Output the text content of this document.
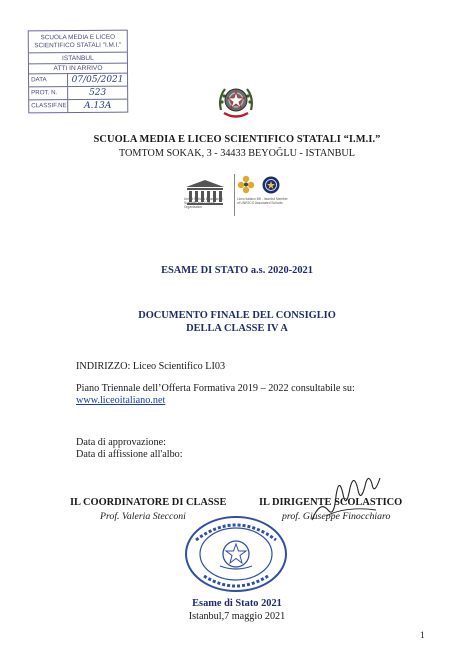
SCUOLA MEDIA E LICEO
SCIENTIFICO STATALI "I.M.I."
ISTANBUL
ATTI IN ARRIVO
DATA	07/05/2021
PROT. N.	523
CLASSIF.NE	A.13A
SCUOLA MEDIA E LICEO SCIENTIFICO STATALI “I.M.I.”
TOMTOM SOKAK, 3 - 34433 BEYOĞLU - ISTANBUL
United Nations Educational, Scientific and Cultural Organization
Liceo Italiano IMI - Istanbul Member of UNESCO Associated Schools
ESAME DI STATO a.s. 2020-2021
DOCUMENTO FINALE DEL CONSIGLIO
DELLA CLASSE IV A
INDIRIZZO: Liceo Scientifico LI03
Piano Triennale dell’Offerta Formativa 2019 – 2022 consultabile su:
www.liceoitaliano.net
Data di approvazione:
Data di affissione all'albo:
IL COORDINATORE DI CLASSE
Prof. Valeria Stecconi
IL DIRIGENTE SCOLASTICO
prof. Giuseppe Finocchiaro
Esame di Stato 2021
Istanbul,7 maggio 2021
1
